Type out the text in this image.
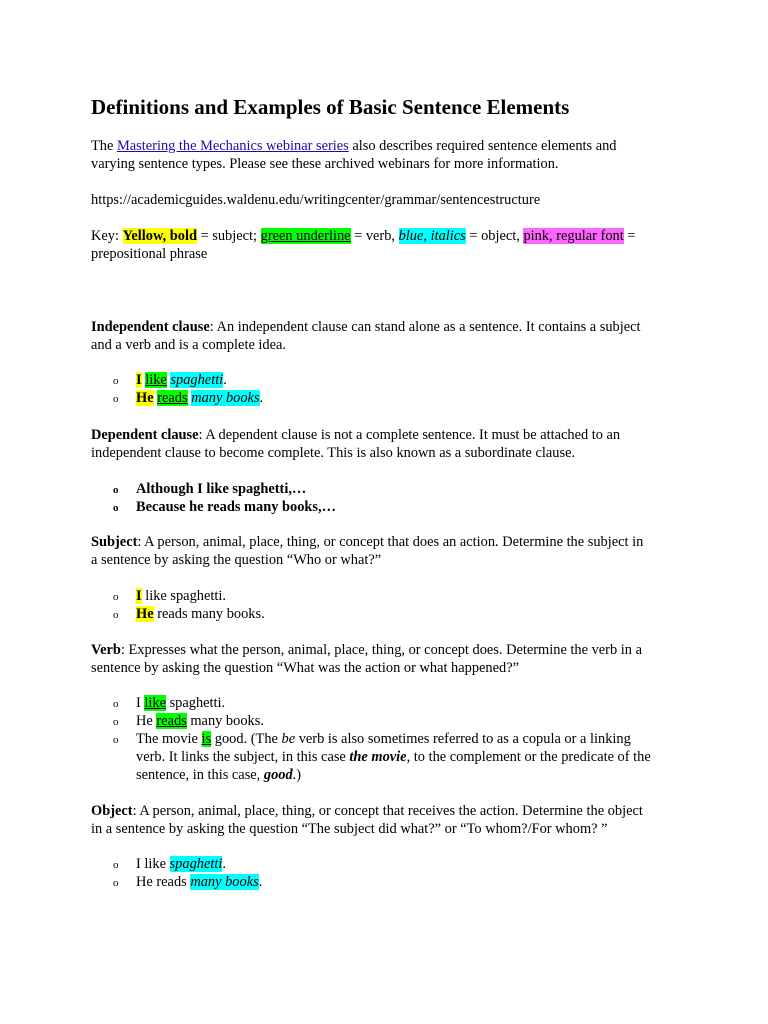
Definitions and Examples of Basic Sentence Elements

The Mastering the Mechanics webinar series also describes required sentence elements and

varying sentence types. Please see these archived webinars for more information.

https://academicguides.waldenu.edu/writingcenter/grammar/sentencestructure

Key: Yellow, bold = subject; green underline = verb, blue, italics = object, pink, regular font =

prepositional phrase

Independent clause: An independent clause can stand alone as a sentence. It contains a subject

and a verb and is a complete idea.

o I like spaghetti.
o He reads many books.

Dependent clause: A dependent clause is not a complete sentence. It must be attached to an

independent clause to become complete. This is also known as a subordinate clause.

o Although I like spaghetti,…
o Because he reads many books,…

Subject: A person, animal, place, thing, or concept that does an action. Determine the subject in

a sentence by asking the question “Who or what?”

o I like spaghetti.
o He reads many books.

Verb: Expresses what the person, animal, place, thing, or concept does. Determine the verb in a

sentence by asking the question “What was the action or what happened?”

o I like spaghetti.
o He reads many books.
o The movie is good. (The be verb is also sometimes referred to as a copula or a linking
verb. It links the subject, in this case the movie, to the complement or the predicate of the
sentence, in this case, good.)

Object: A person, animal, place, thing, or concept that receives the action. Determine the object

in a sentence by asking the question “The subject did what?” or “To whom?/For whom? ”

o I like spaghetti.
o He reads many books.
